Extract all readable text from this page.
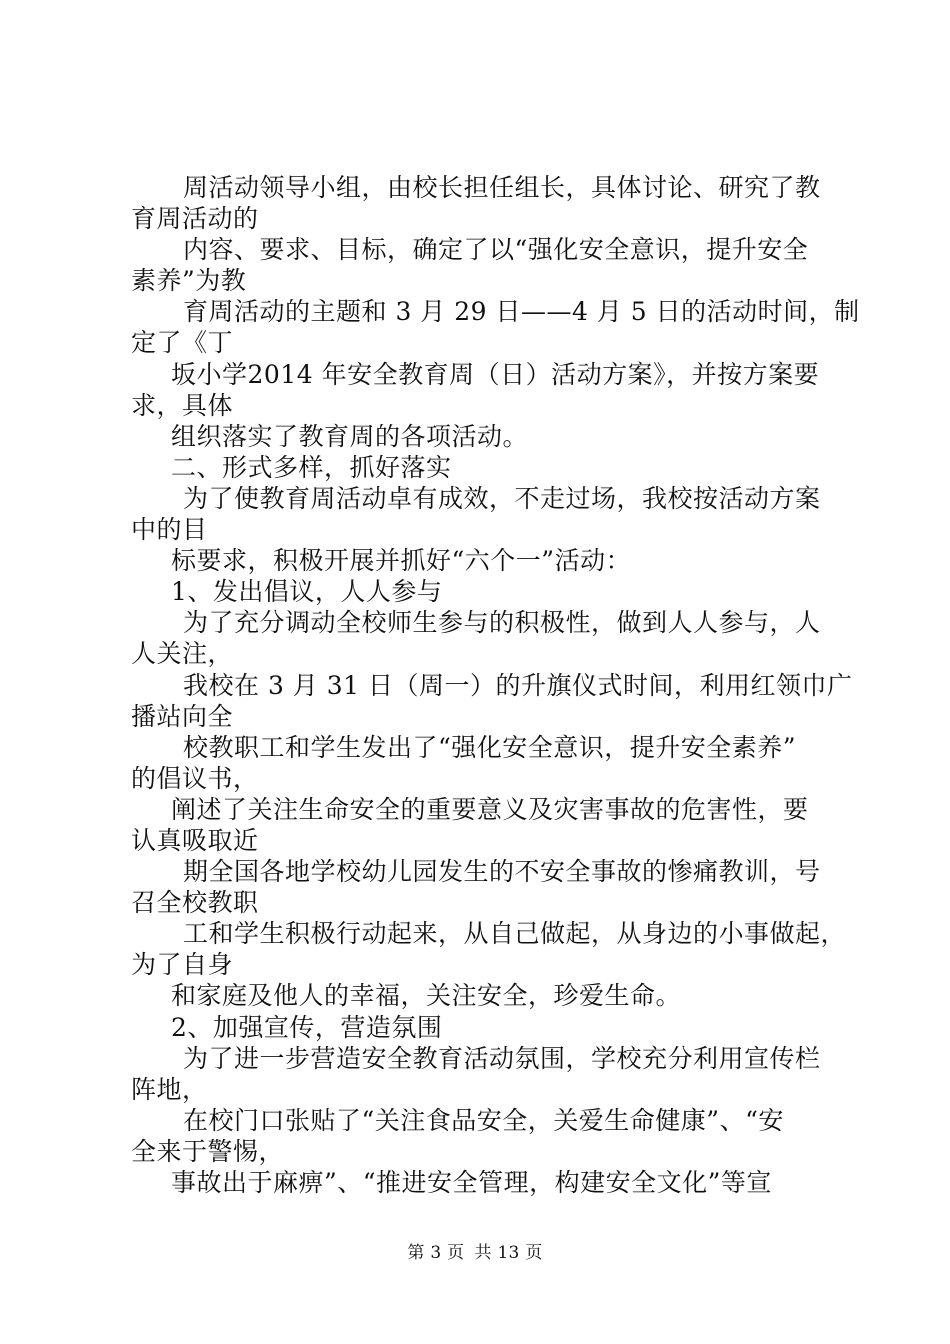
周活动领导小组，由校长担任组长，具体讨论、研究了教
育周活动的
内容、要求、目标，确定了以“强化安全意识，提升安全
素养”为教
育周活动的主题和 3 月 29 日——4 月 5 日的活动时间，制
定了《丁
坂小学2014 年安全教育周（日）活动方案》，并按方案要
求，具体
组织落实了教育周的各项活动。
二、形式多样，抓好落实
为了使教育周活动卓有成效，不走过场，我校按活动方案
中的目
标要求，积极开展并抓好“六个一”活动：
1、发出倡议，人人参与
为了充分调动全校师生参与的积极性，做到人人参与，人
人关注，
我校在 3 月 31 日（周一）的升旗仪式时间，利用红领巾广
播站向全
校教职工和学生发出了“强化安全意识，提升安全素养”
的倡议书，
阐述了关注生命安全的重要意义及灾害事故的危害性，要
认真吸取近
期全国各地学校幼儿园发生的不安全事故的惨痛教训，号
召全校教职
工和学生积极行动起来，从自己做起，从身边的小事做起，
为了自身
和家庭及他人的幸福，关注安全，珍爱生命。
2、加强宣传，营造氛围
为了进一步营造安全教育活动氛围，学校充分利用宣传栏
阵地，
在校门口张贴了“关注食品安全，关爱生命健康”、“安
全来于警惕，
事故出于麻痹”、“推进安全管理，构建安全文化”等宣
第 3 页 共 13 页
